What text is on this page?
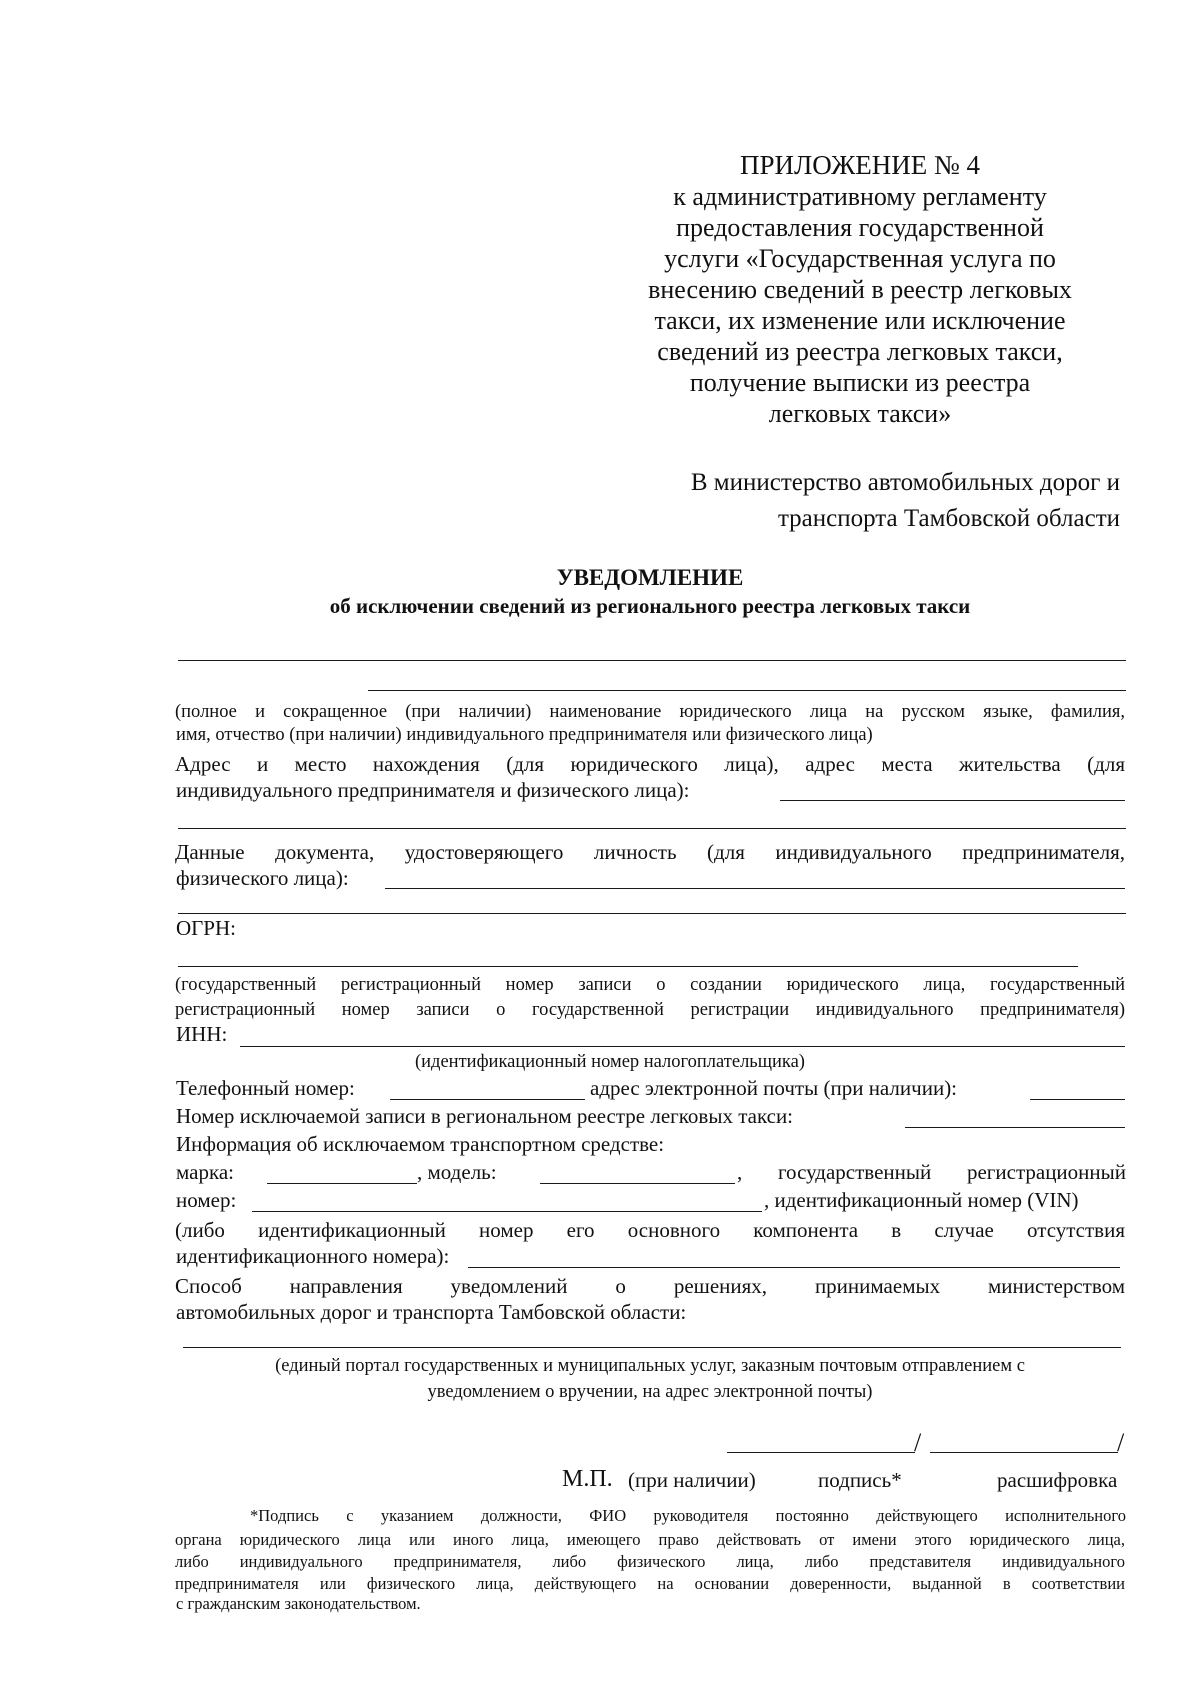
ПРИЛОЖЕНИЕ № 4
к административному регламенту
предоставления государственной
услуги «Государственная услуга по
внесению сведений в реестр легковых
такси, их изменение или исключение
сведений из реестра легковых такси,
получение выписки из реестра
легковых такси»
В министерство автомобильных дорог и
транспорта Тамбовской области
УВЕДОМЛЕНИЕ
об исключении сведений из регионального реестра легковых такси
(полное и сокращенное (при наличии) наименование юридического лица на русском языке, фамилия,
имя, отчество (при наличии) индивидуального предпринимателя или физического лица)
Адрес и место нахождения (для юридического лица), адрес места жительства (для
индивидуального предпринимателя и физического лица):
Данные документа, удостоверяющего личность (для индивидуального предпринимателя,
физического лица):
ОГРН:
(государственный регистрационный номер записи о создании юридического лица, государственный
регистрационный номер записи о государственной регистрации индивидуального предпринимателя)
ИНН:
(идентификационный номер налогоплательщика)
Телефонный номер:	адрес электронной почты (при наличии):
Номер исключаемой записи в региональном реестре легковых такси:
Информация об исключаемом транспортном средстве:
марка:	, модель:	, государственный регистрационный
номер:	, идентификационный номер (VIN)
(либо идентификационный номер его основного компонента в случае отсутствия
идентификационного номера):
Способ направления уведомлений о решениях, принимаемых министерством
автомобильных дорог и транспорта Тамбовской области:
(единый портал государственных и муниципальных услуг, заказным почтовым отправлением с
уведомлением о вручении, на адрес электронной почты)
/	/
М.П. (при наличии)	подпись*	расшифровка
*Подпись с указанием должности, ФИО руководителя постоянно действующего исполнительного
органа юридического лица или иного лица, имеющего право действовать от имени этого юридического лица,
либо индивидуального предпринимателя, либо физического лица, либо представителя индивидуального
предпринимателя или физического лица, действующего на основании доверенности, выданной в соответствии
с гражданским законодательством.
